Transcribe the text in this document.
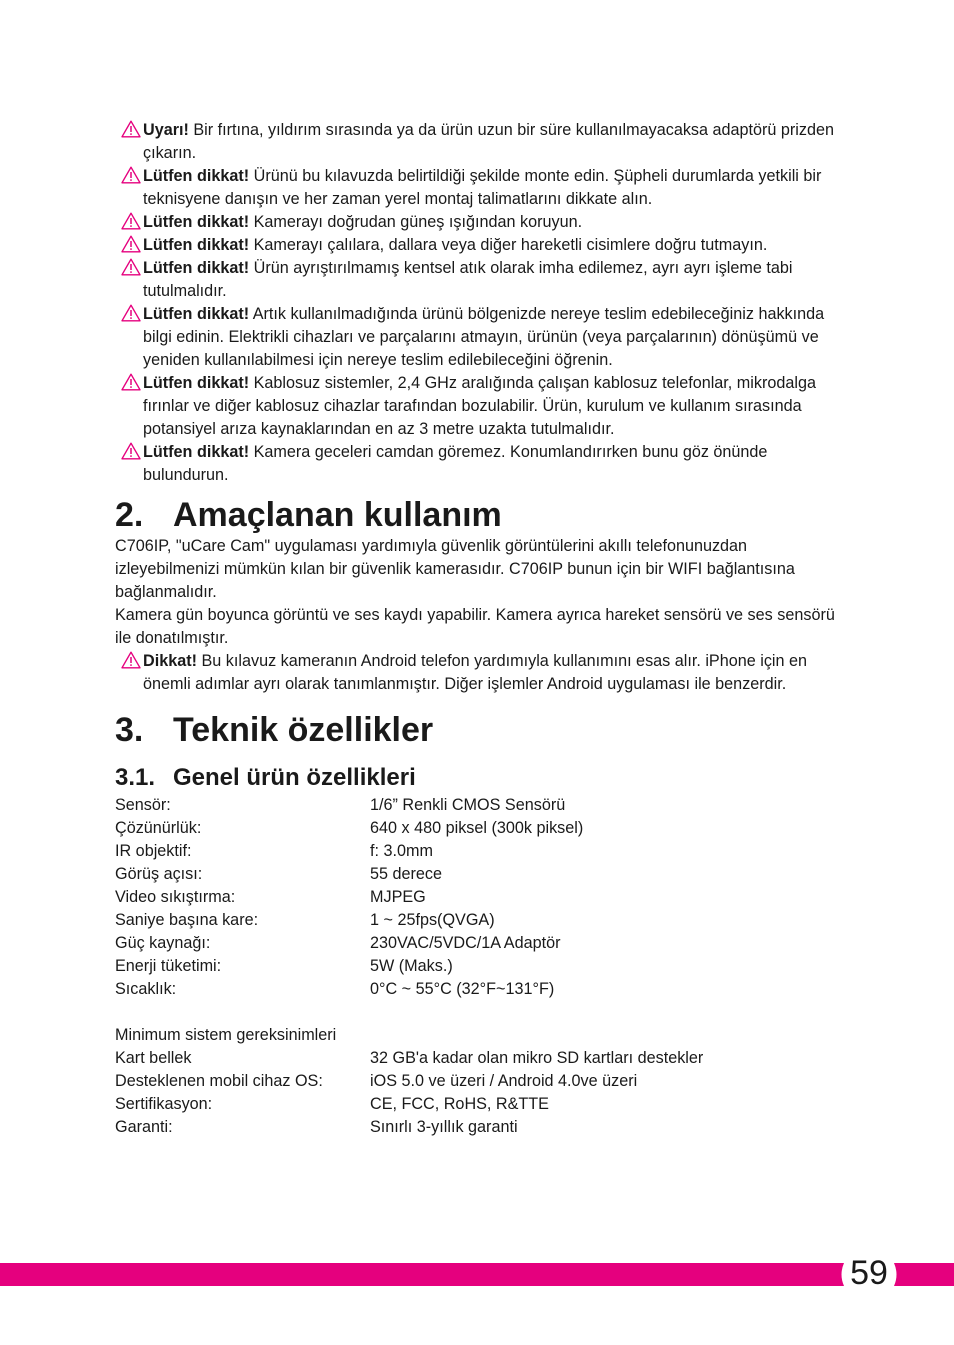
Uyarı! Bir fırtına, yıldırım sırasında ya da ürün uzun bir süre kullanılmayacaksa adaptörü prizden çıkarın.
Lütfen dikkat! Ürünü bu kılavuzda belirtildiği şekilde monte edin. Şüpheli durumlarda yetkili bir teknisyene danışın ve her zaman yerel montaj talimatlarını dikkate alın.
Lütfen dikkat! Kamerayı doğrudan güneş ışığından koruyun.
Lütfen dikkat! Kamerayı çalılara, dallara veya diğer hareketli cisimlere doğru tutmayın.
Lütfen dikkat! Ürün ayrıştırılmamış kentsel atık olarak imha edilemez, ayrı ayrı işleme tabi tutulmalıdır.
Lütfen dikkat! Artık kullanılmadığında ürünü bölgenizde nereye teslim edebileceğiniz hakkında bilgi edinin. Elektrikli cihazları ve parçalarını atmayın, ürünün (veya parçalarının) dönüşümü ve yeniden kullanılabilmesi için nereye teslim edilebileceğini öğrenin.
Lütfen dikkat! Kablosuz sistemler, 2,4 GHz aralığında çalışan kablosuz telefonlar, mikrodalga fırınlar ve diğer kablosuz cihazlar tarafından bozulabilir. Ürün, kurulum ve kullanım sırasında potansiyel arıza kaynaklarından en az 3 metre uzakta tutulmalıdır.
Lütfen dikkat! Kamera geceleri camdan göremez. Konumlandırırken bunu göz önünde bulundurun.
2. Amaçlanan kullanım

C706IP, "uCare Cam" uygulaması yardımıyla güvenlik görüntülerini akıllı telefonunuzdan izleyebilmenizi mümkün kılan bir güvenlik kamerasıdır. C706IP bunun için bir WIFI bağlantısına bağlanmalıdır.

Kamera gün boyunca görüntü ve ses kaydı yapabilir. Kamera ayrıca hareket sensörü ve ses sensörü ile donatılmıştır.

Dikkat! Bu kılavuz kameranın Android telefon yardımıyla kullanımını esas alır. iPhone için en önemli adımlar ayrı olarak tanımlanmıştır. Diğer işlemler Android uygulaması ile benzerdir.
3. Teknik özellikler
3.1. Genel ürün özellikleri
Sensör:	1/6” Renkli CMOS Sensörü
Çözünürlük:	640 x 480 piksel (300k piksel)
IR objektif:	f: 3.0mm
Görüş açısı:	55 derece
Video sıkıştırma:	MJPEG
Saniye başına kare:	1 ~ 25fps(QVGA)
Güç kaynağı:	230VAC/5VDC/1A Adaptör
Enerji tüketimi:	5W (Maks.)
Sıcaklık:	0°C ~ 55°C (32°F~131°F)

Minimum sistem gereksinimleri

Kart bellek	32 GB'a kadar olan mikro SD kartları destekler
Desteklenen mobil cihaz OS:	iOS 5.0 ve üzeri / Android 4.0ve üzeri
Sertifikasyon:	CE, FCC, RoHS, R&TTE
Garanti:	Sınırlı 3-yıllık garanti
59
